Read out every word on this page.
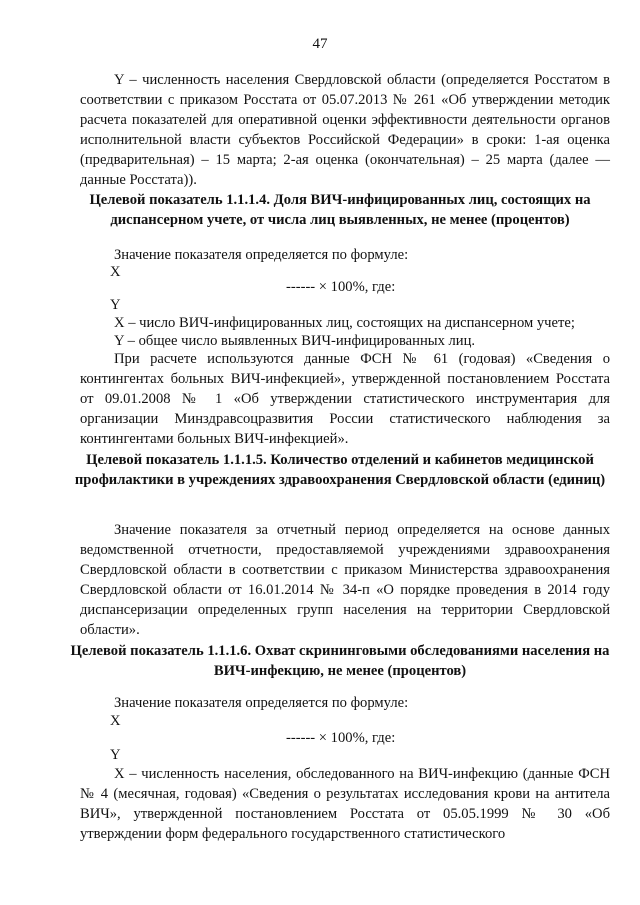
47
Y – численность населения Свердловской области (определяется Росстатом в соответствии с приказом Росстата от 05.07.2013 № 261 «Об утверждении методик расчета показателей для оперативной оценки эффективности деятельности органов исполнительной власти субъектов Российской Федерации» в сроки: 1-ая оценка (предварительная) – 15 марта; 2-ая оценка (окончательная) – 25 марта (далее — данные Росстата)).
Целевой показатель 1.1.1.4. Доля ВИЧ-инфицированных лиц, состоящих на диспансерном учете, от числа лиц выявленных, не менее (процентов)
Значение показателя определяется по формуле:
X
------ × 100%, где:
Y
X – число ВИЧ-инфицированных лиц, состоящих на диспансерном учете;
Y – общее число выявленных ВИЧ-инфицированных лиц.
При расчете используются данные ФСН № 61 (годовая) «Сведения о контингентах больных ВИЧ-инфекцией», утвержденной постановлением Росстата от 09.01.2008 № 1 «Об утверждении статистического инструментария для организации Минздравсоцразвития России статистического наблюдения за контингентами больных ВИЧ-инфекцией».
Целевой показатель 1.1.1.5. Количество отделений и кабинетов медицинской профилактики в учреждениях здравоохранения Свердловской области (единиц)
Значение показателя за отчетный период определяется на основе данных ведомственной отчетности, предоставляемой учреждениями здравоохранения Свердловской области в соответствии с приказом Министерства здравоохранения Свердловской области от 16.01.2014 № 34-п «О порядке проведения в 2014 году диспансеризации определенных групп населения на территории Свердловской области».
Целевой показатель 1.1.1.6. Охват скрининговыми обследованиями населения на ВИЧ-инфекцию, не менее (процентов)
Значение показателя определяется по формуле:
X
------ × 100%, где:
Y
X – численность населения, обследованного на ВИЧ-инфекцию (данные ФСН № 4 (месячная, годовая) «Сведения о результатах исследования крови на антитела ВИЧ», утвержденной постановлением Росстата от 05.05.1999 № 30 «Об утверждении форм федерального государственного статистического
